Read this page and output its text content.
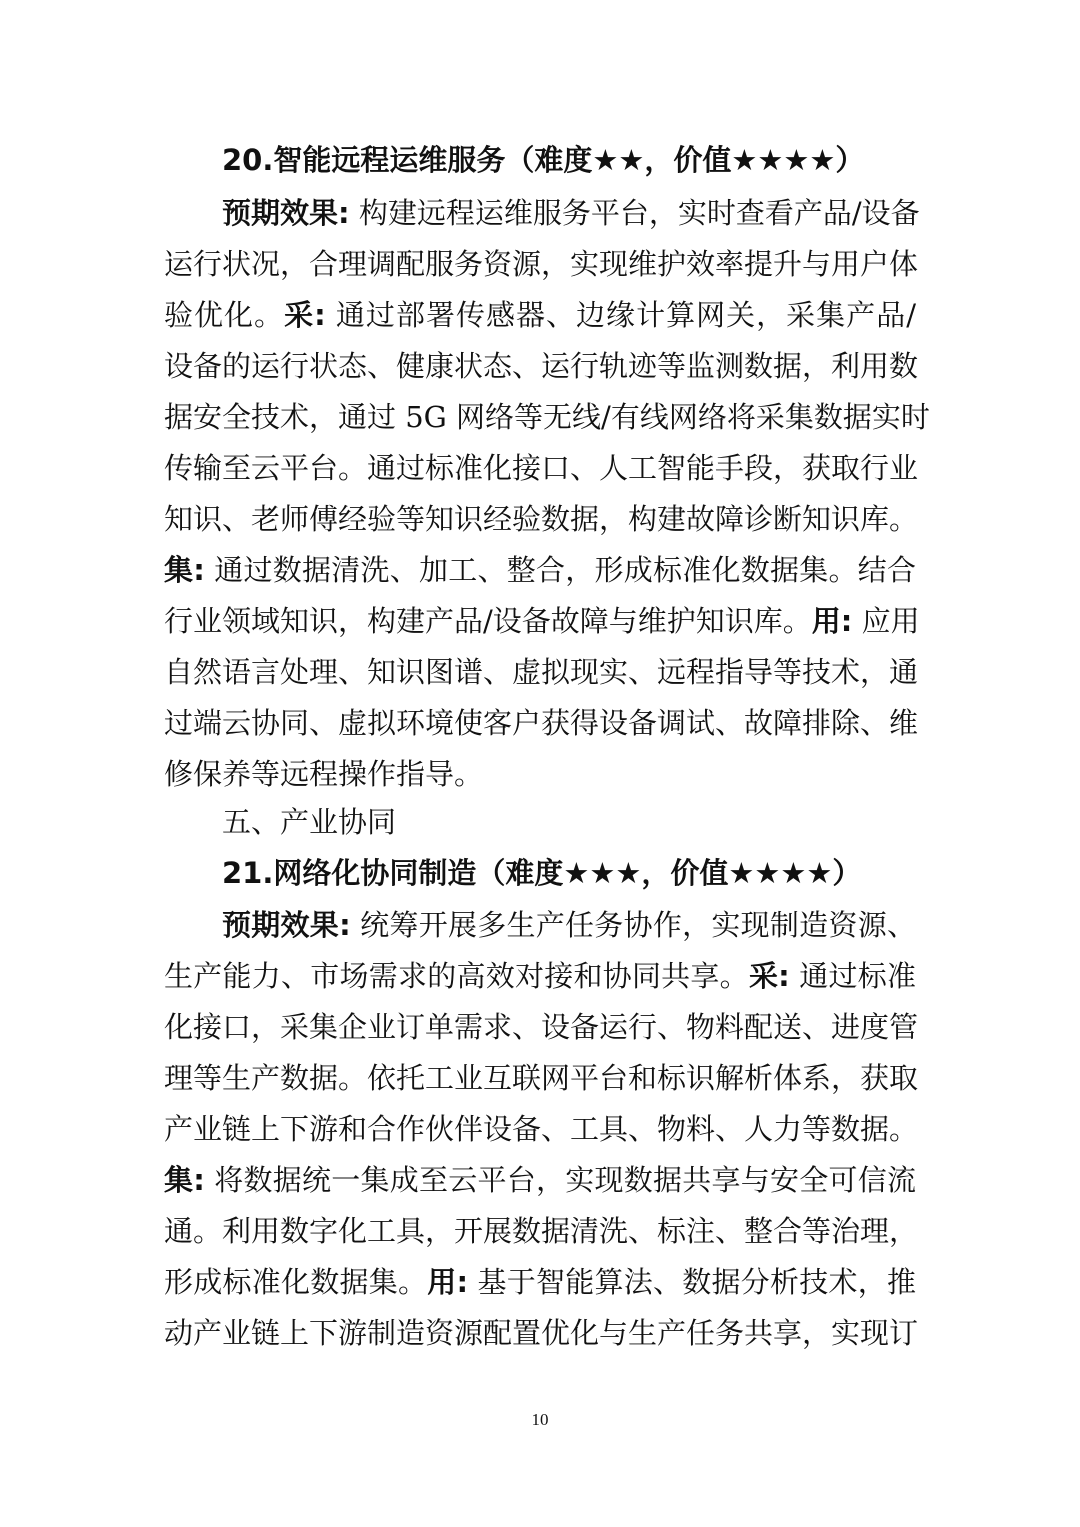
20.智能远程运维服务（难度★★，价值★★★★）
预期效果: 构建远程运维服务平台，实时查看产品/设备
运行状况，合理调配服务资源，实现维护效率提升与用户体
验优化。采: 通过部署传感器、边缘计算网关，采集产品/
设备的运行状态、健康状态、运行轨迹等监测数据，利用数
据安全技术，通过 5G 网络等无线/有线网络将采集数据实时
传输至云平台。通过标准化接口、人工智能手段，获取行业
知识、老师傅经验等知识经验数据，构建故障诊断知识库。
集: 通过数据清洗、加工、整合，形成标准化数据集。结合
行业领域知识，构建产品/设备故障与维护知识库。用: 应用
自然语言处理、知识图谱、虚拟现实、远程指导等技术，通
过端云协同、虚拟环境使客户获得设备调试、故障排除、维
修保养等远程操作指导。
五、产业协同
21.网络化协同制造（难度★★★，价值★★★★）
预期效果: 统筹开展多生产任务协作，实现制造资源、
生产能力、市场需求的高效对接和协同共享。采: 通过标准
化接口，采集企业订单需求、设备运行、物料配送、进度管
理等生产数据。依托工业互联网平台和标识解析体系，获取
产业链上下游和合作伙伴设备、工具、物料、人力等数据。
集: 将数据统一集成至云平台，实现数据共享与安全可信流
通。利用数字化工具，开展数据清洗、标注、整合等治理，
形成标准化数据集。用: 基于智能算法、数据分析技术，推
动产业链上下游制造资源配置优化与生产任务共享，实现订
10
